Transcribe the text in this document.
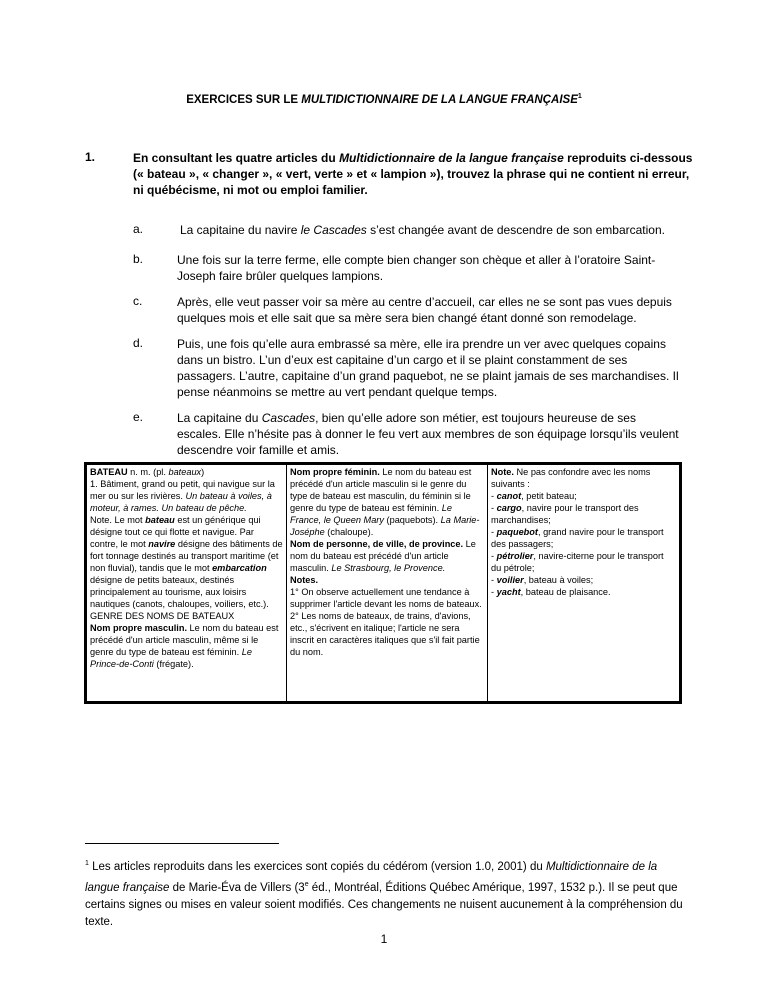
EXERCICES SUR LE MULTIDICTIONNAIRE DE LA LANGUE FRANÇAISE$^1$
1.	En consultant les quatre articles du Multidictionnaire de la langue française reproduits ci-dessous (« bateau », « changer », « vert, verte » et « lampion »), trouvez la phrase qui ne contient ni erreur, ni québécisme, ni mot ou emploi familier.
a.	La capitaine du navire le Cascades s’est changée avant de descendre de son embarcation.
b.	Une fois sur la terre ferme, elle compte bien changer son chèque et aller à l’oratoire Saint-Joseph faire brûler quelques lampions.
c.	Après, elle veut passer voir sa mère au centre d’accueil, car elles ne se sont pas vues depuis quelques mois et elle sait que sa mère sera bien changé étant donné son remodelage.
d.	Puis, une fois qu’elle aura embrassé sa mère, elle ira prendre un ver avec quelques copains dans un bistro. L’un d’eux est capitaine d’un cargo et il se plaint constamment de ses passagers. L’autre, capitaine d’un grand paquebot, ne se plaint jamais de ses marchandises. Il pense néanmoins se mettre au vert pendant quelque temps.
e.	La capitaine du Cascades, bien qu’elle adore son métier, est toujours heureuse de ses escales. Elle n’hésite pas à donner le feu vert aux membres de son équipage lorsqu’ils veulent descendre voir famille et amis.
BATEAU n. m. (pl. bateaux)
1. Bâtiment, grand ou petit, qui navigue sur la mer ou sur les rivières. Un bateau à voiles, à moteur, à rames. Un bateau de pêche.
Note. Le mot bateau est un générique qui désigne tout ce qui flotte et navigue. Par contre, le mot navire désigne des bâtiments de fort tonnage destinés au transport maritime (et non fluvial), tandis que le mot embarcation désigne de petits bateaux, destinés principalement au tourisme, aux loisirs nautiques (canots, chaloupes, voiliers, etc.).
GENRE DES NOMS DE BATEAUX
Nom propre masculin. Le nom du bateau est précédé d'un article masculin, même si le genre du type de bateau est féminin. Le Prince-de-Conti (frégate).

Nom propre féminin. Le nom du bateau est précédé d'un article masculin si le genre du type de bateau est masculin, du féminin si le genre du type de bateau est féminin. Le France, le Queen Mary (paquebots). La Marie-Joséphe (chaloupe).
Nom de personne, de ville, de province. Le nom du bateau est précédé d'un article masculin. Le Strasbourg, le Provence.
Notes.
1° On observe actuellement une tendance à supprimer l'article devant les noms de bateaux.
2° Les noms de bateaux, de trains, d'avions, etc., s'écrivent en italique; l'article ne sera inscrit en caractères italiques que s'il fait partie du nom.

Note. Ne pas confondre avec les noms suivants :
- canot, petit bateau;
- cargo, navire pour le transport des marchandises;
- paquebot, grand navire pour le transport des passagers;
- pétrolier, navire-citerne pour le transport du pétrole;
- voilier, bateau à voiles;
- yacht, bateau de plaisance.
$^1$ Les articles reproduits dans les exercices sont copiés du cédérom (version 1.0, 2001) du Multidictionnaire de la langue française de Marie-Éva de Villers (3e éd., Montréal, Éditions Québec Amérique, 1997, 1532 p.). Il se peut que certains signes ou mises en valeur soient modifiés. Ces changements ne nuisent aucunement à la compréhension du texte.
1
